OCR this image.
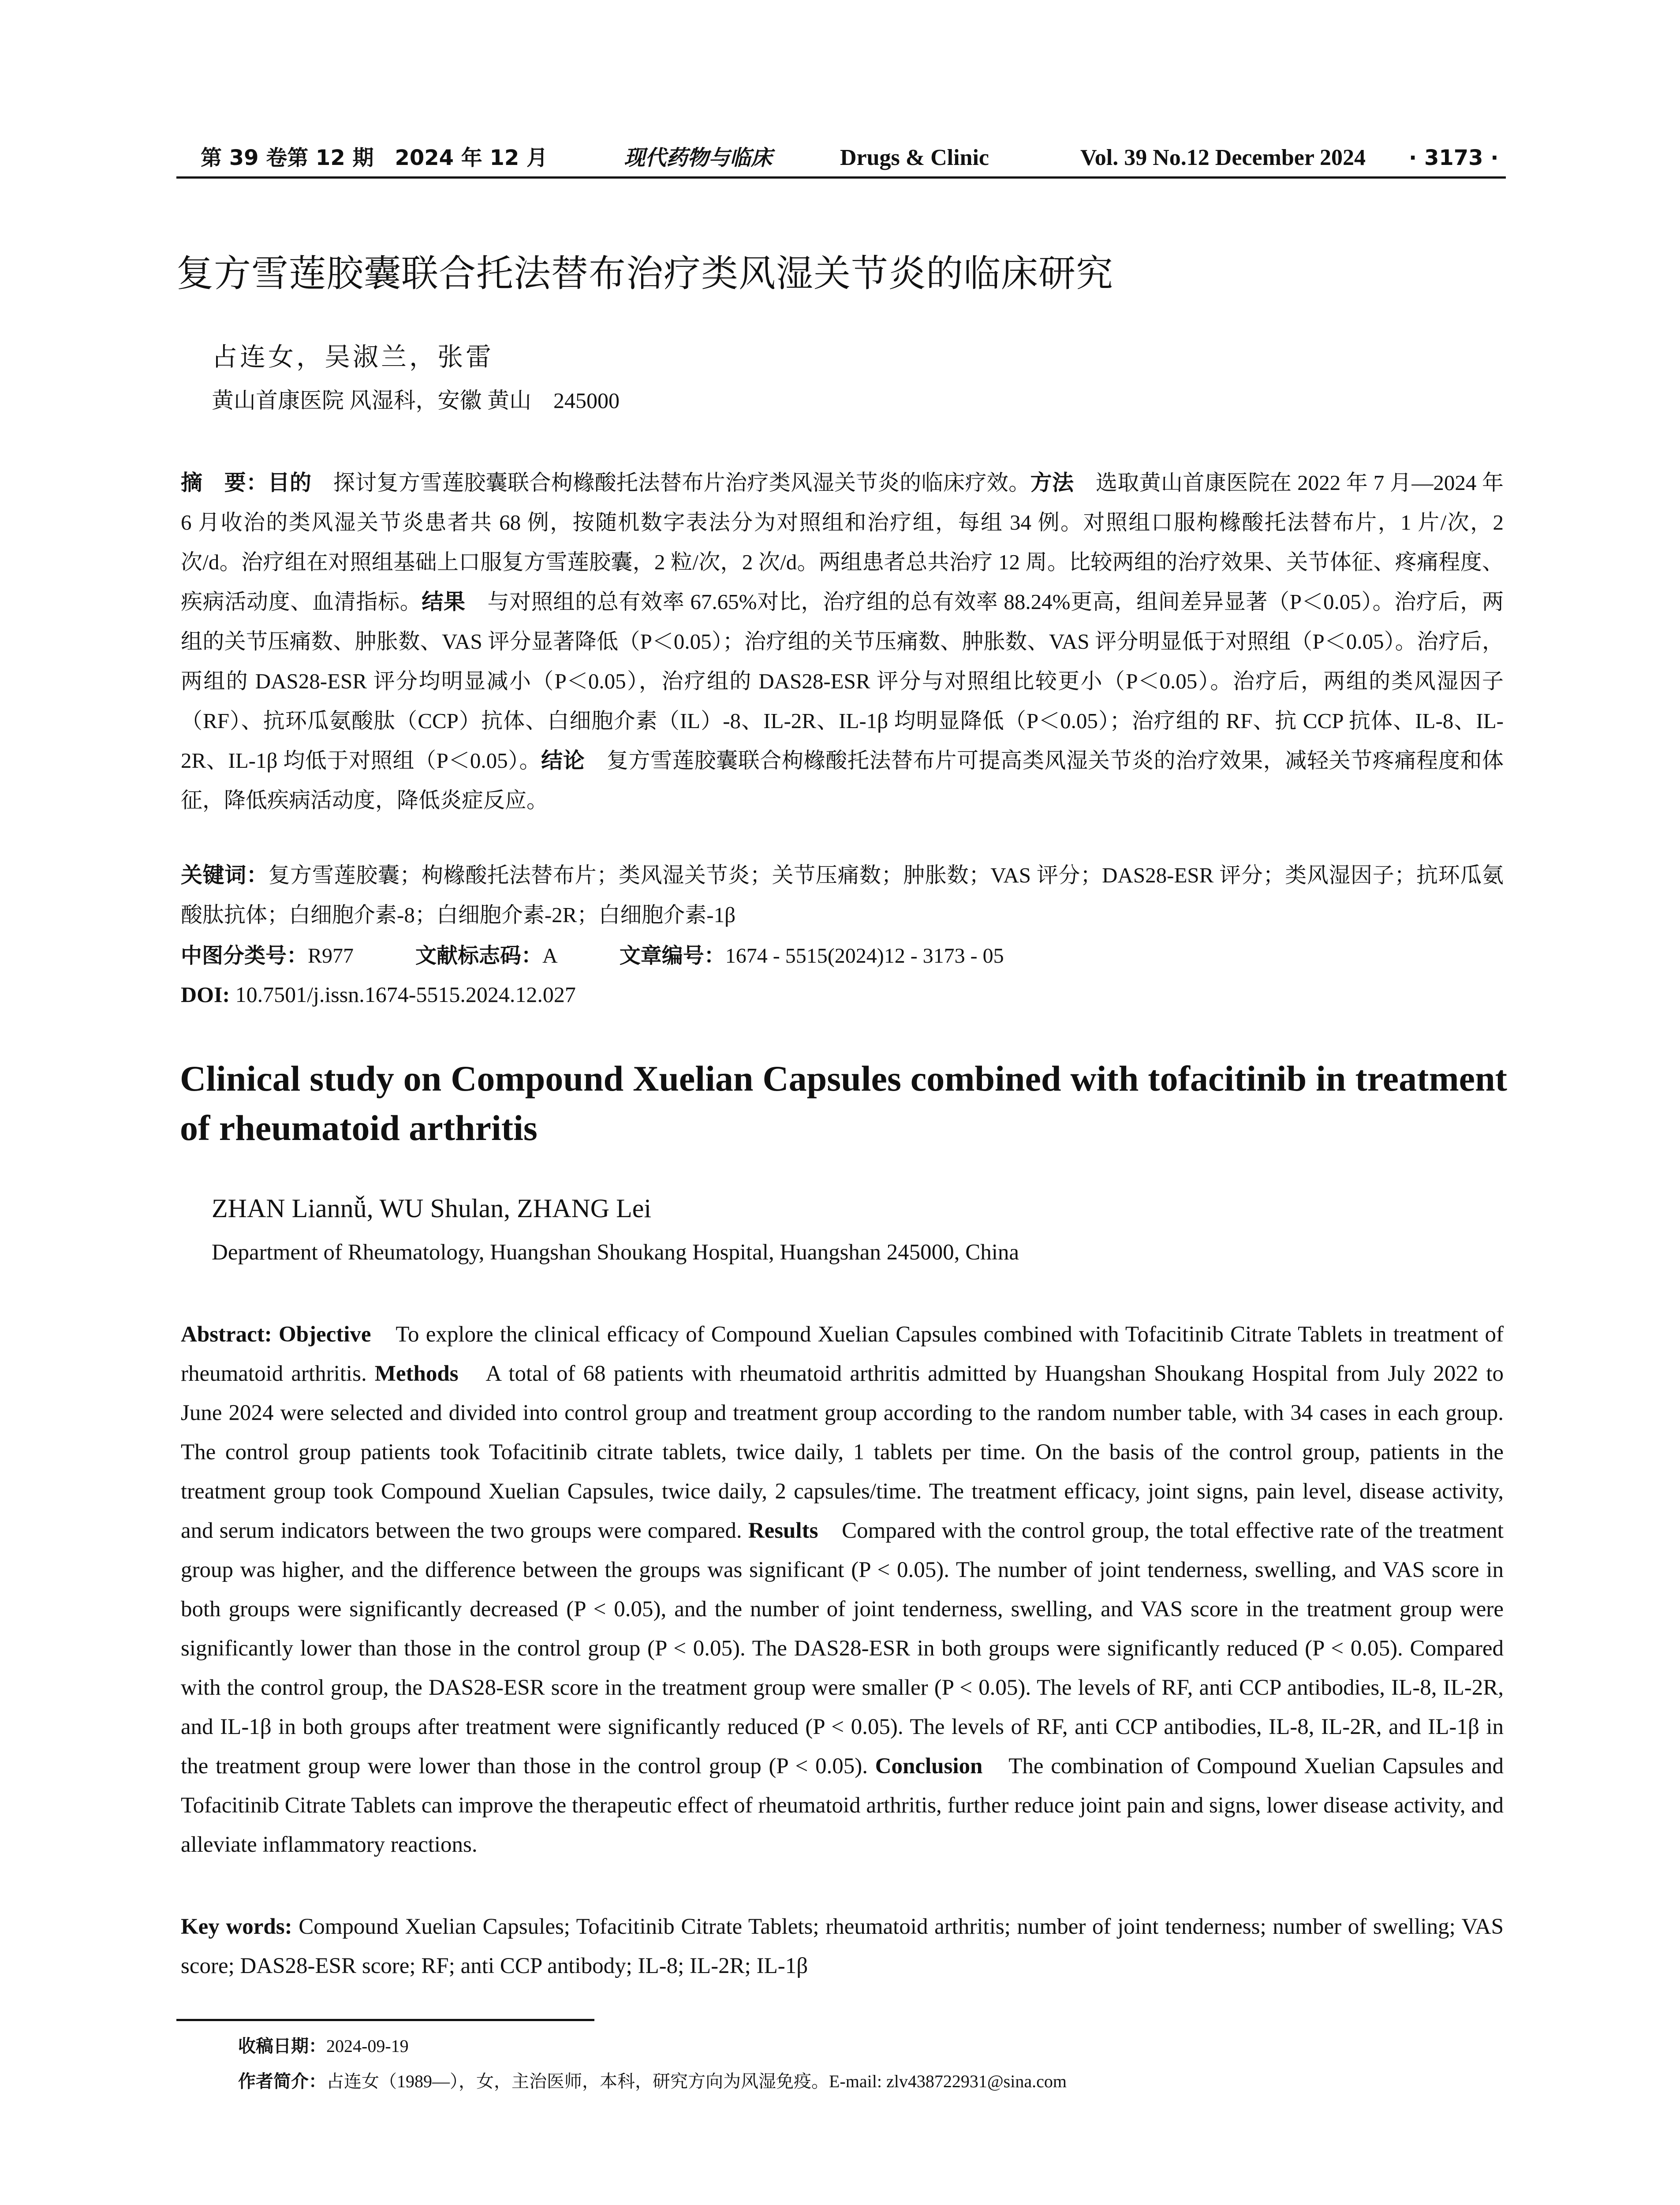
第 39 卷第 12 期　2024 年 12 月	现代药物与临床	Drugs & Clinic	Vol. 39 No.12 December 2024 · 3173 ·
复方雪莲胶囊联合托法替布治疗类风湿关节炎的临床研究
占连女，吴淑兰，张雷
黄山首康医院 风湿科，安徽 黄山　245000
摘　要：目的　探讨复方雪莲胶囊联合枸橼酸托法替布片治疗类风湿关节炎的临床疗效。方法　选取黄山首康医院在 2022 年 7 月—2024 年 6 月收治的类风湿关节炎患者共 68 例，按随机数字表法分为对照组和治疗组，每组 34 例。对照组口服枸橼酸托法替布片，1 片/次，2 次/d。治疗组在对照组基础上口服复方雪莲胶囊，2 粒/次，2 次/d。两组患者总共治疗 12 周。比较两组的治疗效果、关节体征、疼痛程度、疾病活动度、血清指标。结果　与对照组的总有效率 67.65%对比，治疗组的总有效率 88.24%更高，组间差异显著（P＜0.05）。治疗后，两组的关节压痛数、肿胀数、VAS 评分显著降低（P＜0.05）；治疗组的关节压痛数、肿胀数、VAS 评分明显低于对照组（P＜0.05）。治疗后，两组的 DAS28-ESR 评分均明显减小（P＜0.05），治疗组的 DAS28-ESR 评分与对照组比较更小（P＜0.05）。治疗后，两组的类风湿因子（RF）、抗环瓜氨酸肽（CCP）抗体、白细胞介素（IL）-8、IL-2R、IL-1β 均明显降低（P＜0.05）；治疗组的 RF、抗 CCP 抗体、IL-8、IL-2R、IL-1β 均低于对照组（P＜0.05）。结论　复方雪莲胶囊联合枸橼酸托法替布片可提高类风湿关节炎的治疗效果，减轻关节疼痛程度和体征，降低疾病活动度，降低炎症反应。
关键词：复方雪莲胶囊；枸橼酸托法替布片；类风湿关节炎；关节压痛数；肿胀数；VAS 评分；DAS28-ESR 评分；类风湿因子；抗环瓜氨酸肽抗体；白细胞介素-8；白细胞介素-2R；白细胞介素-1β
中图分类号：R977	文献标志码：A	文章编号：1674 - 5515(2024)12 - 3173 - 05
DOI: 10.7501/j.issn.1674-5515.2024.12.027
Clinical study on Compound Xuelian Capsules combined with tofacitinib in treatment of rheumatoid arthritis
ZHAN Liannǚ, WU Shulan, ZHANG Lei
Department of Rheumatology, Huangshan Shoukang Hospital, Huangshan 245000, China
Abstract: Objective　To explore the clinical efficacy of Compound Xuelian Capsules combined with Tofacitinib Citrate Tablets in treatment of rheumatoid arthritis. Methods　A total of 68 patients with rheumatoid arthritis admitted by Huangshan Shoukang Hospital from July 2022 to June 2024 were selected and divided into control group and treatment group according to the random number table, with 34 cases in each group. The control group patients took Tofacitinib citrate tablets, twice daily, 1 tablets per time. On the basis of the control group, patients in the treatment group took Compound Xuelian Capsules, twice daily, 2 capsules/time. The treatment efficacy, joint signs, pain level, disease activity, and serum indicators between the two groups were compared. Results　Compared with the control group, the total effective rate of the treatment group was higher, and the difference between the groups was significant (P < 0.05). The number of joint tenderness, swelling, and VAS score in both groups were significantly decreased (P < 0.05), and the number of joint tenderness, swelling, and VAS score in the treatment group were significantly lower than those in the control group (P < 0.05). The DAS28-ESR in both groups were significantly reduced (P < 0.05). Compared with the control group, the DAS28-ESR score in the treatment group were smaller (P < 0.05). The levels of RF, anti CCP antibodies, IL-8, IL-2R, and IL-1β in both groups after treatment were significantly reduced (P < 0.05). The levels of RF, anti CCP antibodies, IL-8, IL-2R, and IL-1β in the treatment group were lower than those in the control group (P < 0.05). Conclusion　The combination of Compound Xuelian Capsules and Tofacitinib Citrate Tablets can improve the therapeutic effect of rheumatoid arthritis, further reduce joint pain and signs, lower disease activity, and alleviate inflammatory reactions.
Key words: Compound Xuelian Capsules; Tofacitinib Citrate Tablets; rheumatoid arthritis; number of joint tenderness; number of swelling; VAS score; DAS28-ESR score; RF; anti CCP antibody; IL-8; IL-2R; IL-1β
收稿日期：2024-09-19
作者简介：占连女（1989—），女，主治医师，本科，研究方向为风湿免疫。E-mail: zlv438722931@sina.com
